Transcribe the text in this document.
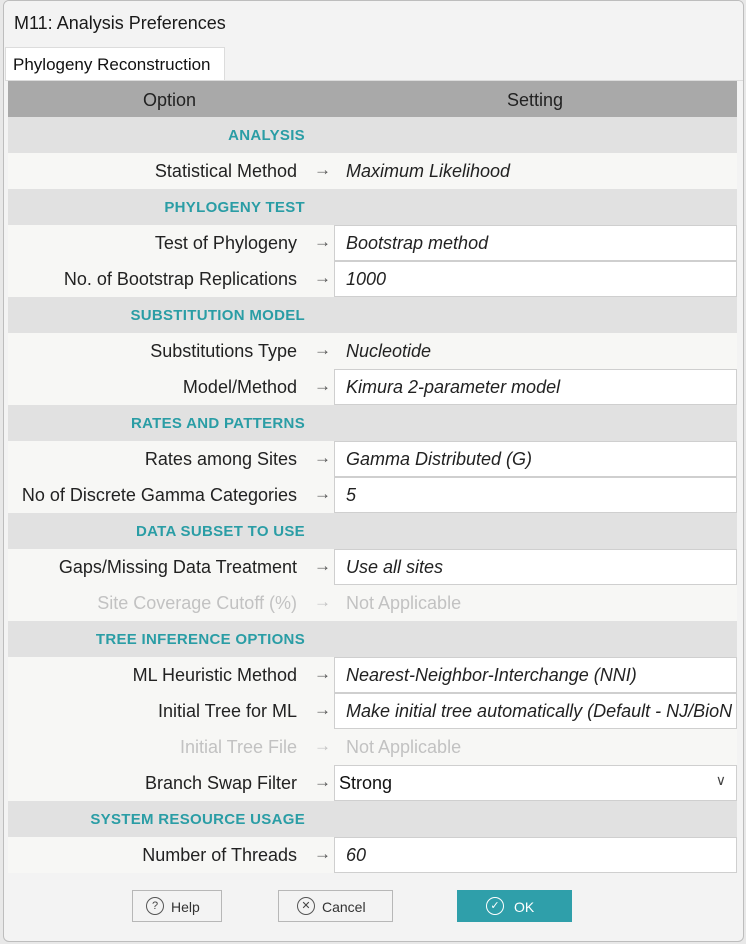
M11: Analysis Preferences
Phylogeny Reconstruction
Option	Setting
ANALYSIS
Statistical Method → Maximum Likelihood
PHYLOGENY TEST
Test of Phylogeny → Bootstrap method
No. of Bootstrap Replications → 1000
SUBSTITUTION MODEL
Substitutions Type → Nucleotide
Model/Method → Kimura 2-parameter model
RATES AND PATTERNS
Rates among Sites → Gamma Distributed (G)
No of Discrete Gamma Categories → 5
DATA SUBSET TO USE
Gaps/Missing Data Treatment → Use all sites
Site Coverage Cutoff (%) → Not Applicable
TREE INFERENCE OPTIONS
ML Heuristic Method → Nearest-Neighbor-Interchange (NNI)
Initial Tree for ML → Make initial tree automatically (Default - NJ/BioN
Initial Tree File → Not Applicable
Branch Swap Filter → Strong	∨
SYSTEM RESOURCE USAGE
Number of Threads → 60
? Help	✕ Cancel	✓	OK
